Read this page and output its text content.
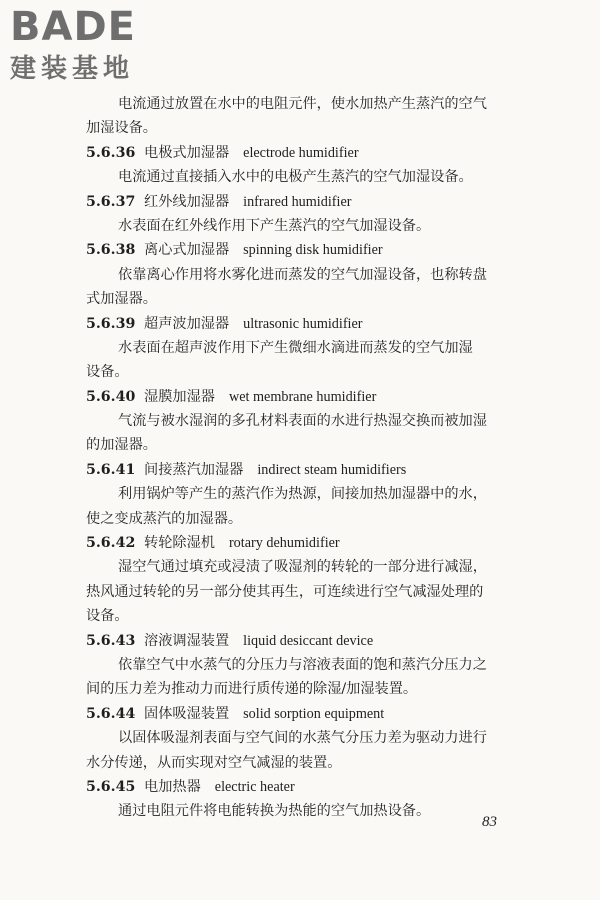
BADE
建装基地
电流通过放置在水中的电阻元件，使水加热产生蒸汽的空气
加湿设备。
5.6.36 电极式加湿器 electrode humidifier
电流通过直接插入水中的电极产生蒸汽的空气加湿设备。
5.6.37 红外线加湿器 infrared humidifier
水表面在红外线作用下产生蒸汽的空气加湿设备。
5.6.38 离心式加湿器 spinning disk humidifier
依靠离心作用将水雾化进而蒸发的空气加湿设备，也称转盘
式加湿器。
5.6.39 超声波加湿器 ultrasonic humidifier
水表面在超声波作用下产生微细水滴进而蒸发的空气加湿
设备。
5.6.40 湿膜加湿器 wet membrane humidifier
气流与被水湿润的多孔材料表面的水进行热湿交换而被加湿
的加湿器。
5.6.41 间接蒸汽加湿器 indirect steam humidifiers
利用锅炉等产生的蒸汽作为热源，间接加热加湿器中的水，
使之变成蒸汽的加湿器。
5.6.42 转轮除湿机 rotary dehumidifier
湿空气通过填充或浸渍了吸湿剂的转轮的一部分进行减湿，
热风通过转轮的另一部分使其再生，可连续进行空气减湿处理的
设备。
5.6.43 溶液调湿装置 liquid desiccant device
依靠空气中水蒸气的分压力与溶液表面的饱和蒸汽分压力之
间的压力差为推动力而进行质传递的除湿/加湿装置。
5.6.44 固体吸湿装置 solid sorption equipment
以固体吸湿剂表面与空气间的水蒸气分压力差为驱动力进行
水分传递，从而实现对空气减湿的装置。
5.6.45 电加热器 electric heater
通过电阻元件将电能转换为热能的空气加热设备。
83
